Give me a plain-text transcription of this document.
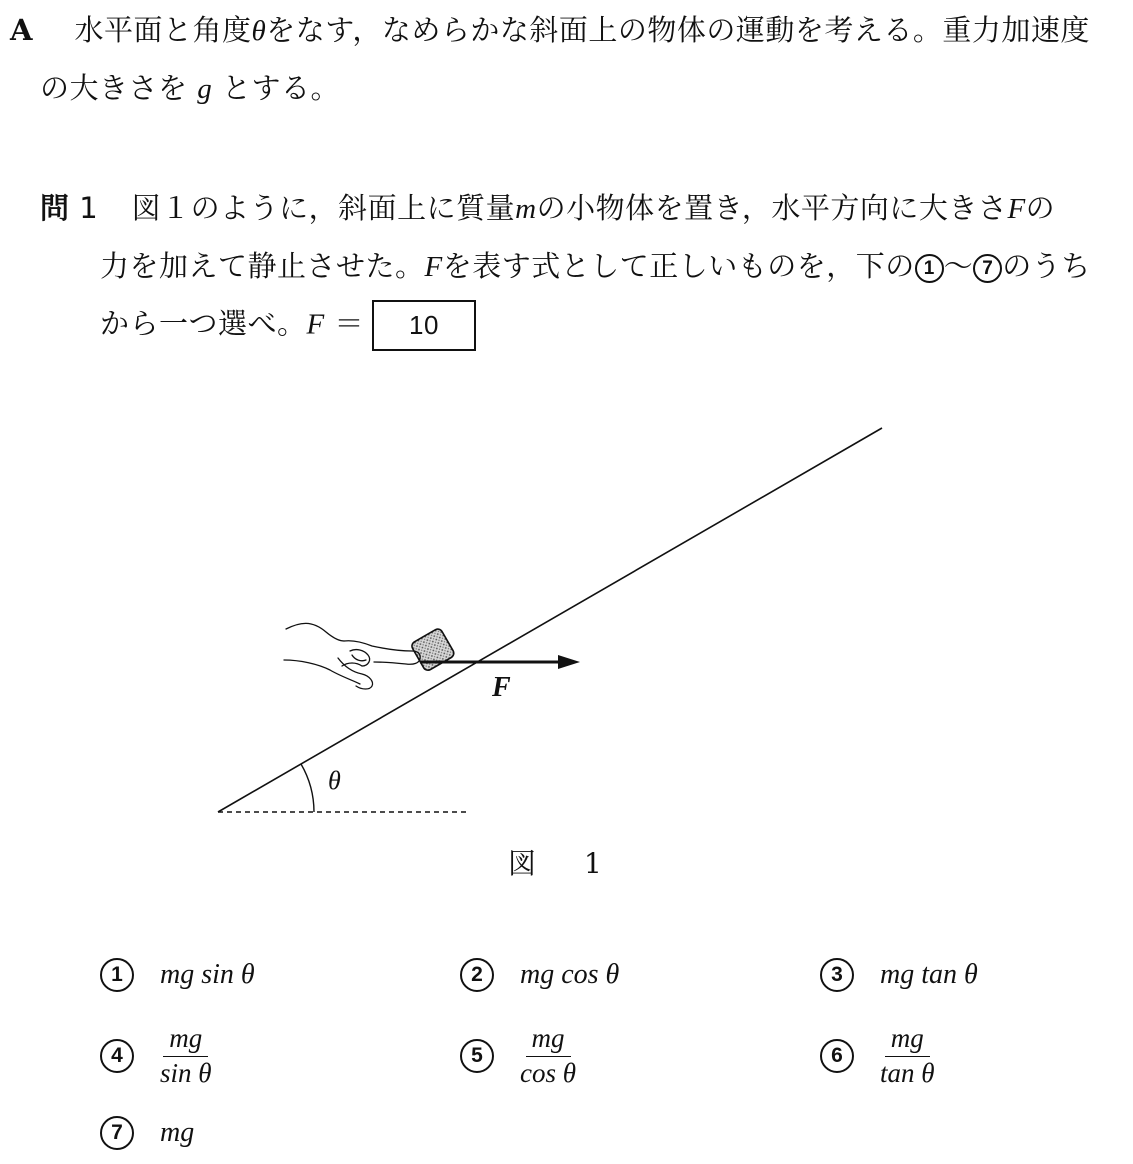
A 水平面と角度θをなす，なめらかな斜面上の物体の運動を考える。重力加速度
の大きさを g とする。
問 1 図１のように，斜面上に質量mの小物体を置き，水平方向に大きさFの
力を加えて静止させた。Fを表す式として正しいものを，下の 1 ～ 7 のうち
から一つ選べ。F ＝ 10
F
θ
図　1
1	mg sin θ	2	mg cos θ	3	mg tan θ
4	$\frac{mg}{\text{sin θ}}$	5	$\frac{mg}{\text{cos θ}}$	6	$\frac{mg}{\text{tan θ}}$
7	mg
